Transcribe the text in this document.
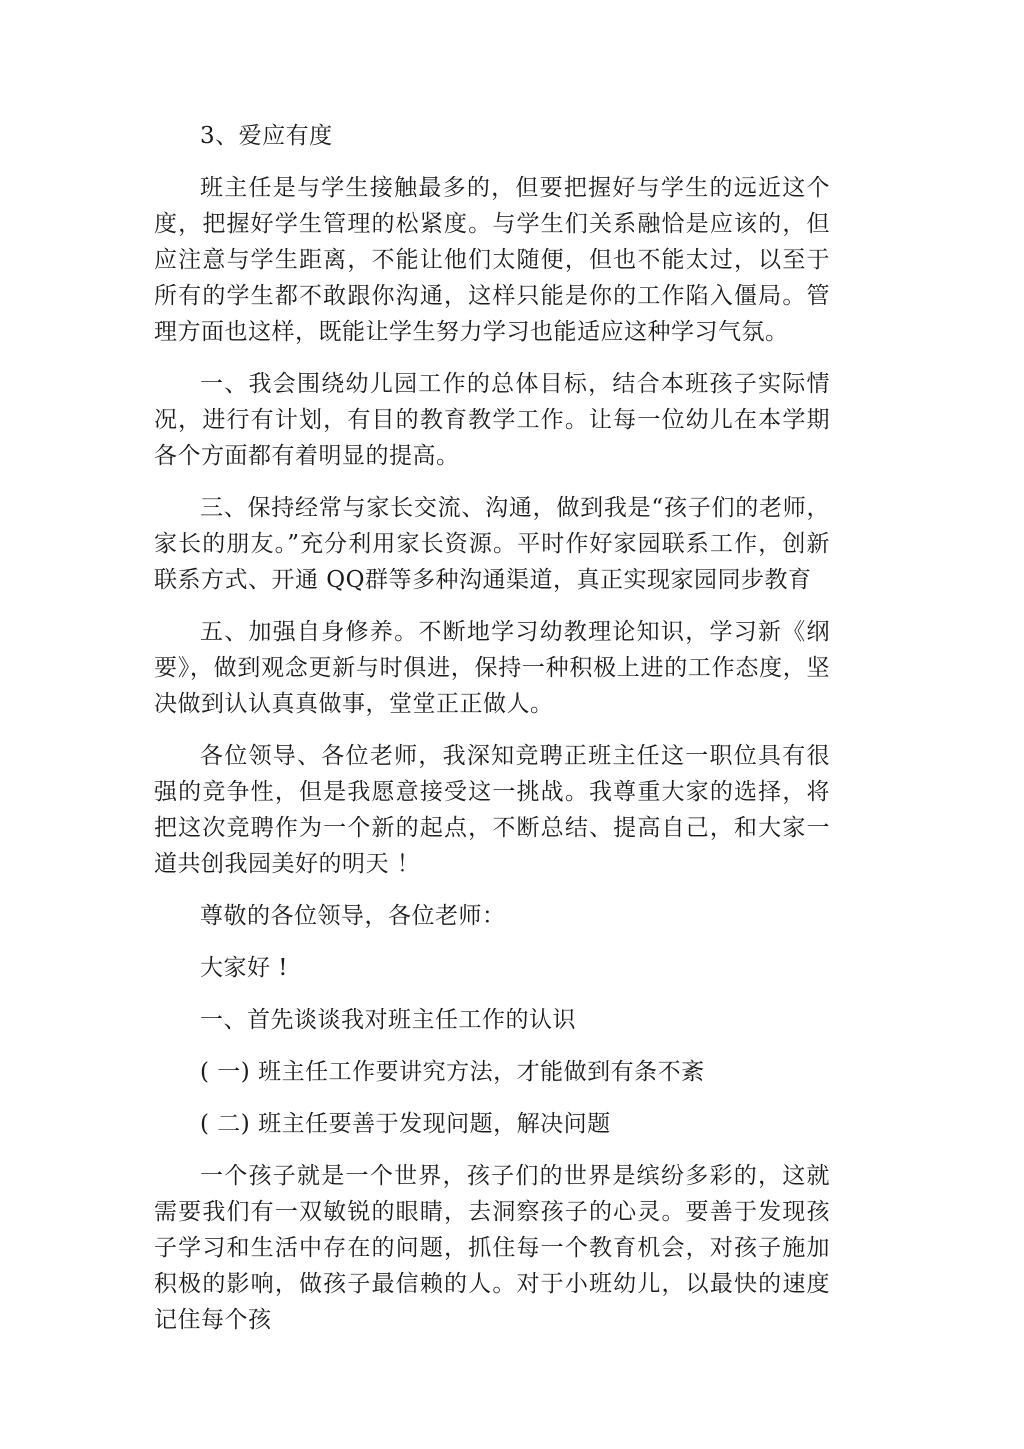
3、爱应有度

班主任是与学生接触最多的，但要把握好与学生的远近这个度，把握好学生管理的松紧度。与学生们关系融恰是应该的，但应注意与学生距离，不能让他们太随便，但也不能太过，以至于所有的学生都不敢跟你沟通，这样只能是你的工作陷入僵局。管理方面也这样，既能让学生努力学习也能适应这种学习气氛。

一、我会围绕幼儿园工作的总体目标，结合本班孩子实际情况，进行有计划，有目的教育教学工作。让每一位幼儿在本学期各个方面都有着明显的提高。

三、保持经常与家长交流、沟通，做到我是“孩子们的老师，家长的朋友。”充分利用家长资源。平时作好家园联系工作，创新联系方式、开通 QQ群等多种沟通渠道，真正实现家园同步教育

五、加强自身修养。不断地学习幼教理论知识，学习新《纲要》，做到观念更新与时俱进，保持一种积极上进的工作态度，坚决做到认认真真做事，堂堂正正做人。

各位领导、各位老师，我深知竞聘正班主任这一职位具有很强的竞争性，但是我愿意接受这一挑战。我尊重大家的选择，将把这次竞聘作为一个新的起点，不断总结、提高自己，和大家一道共创我园美好的明天 ！

尊敬的各位领导，各位老师：

大家好 !

一、首先谈谈我对班主任工作的认识

( 一) 班主任工作要讲究方法，才能做到有条不紊

( 二) 班主任要善于发现问题，解决问题

一个孩子就是一个世界，孩子们的世界是缤纷多彩的，这就需要我们有一双敏锐的眼睛，去洞察孩子的心灵。要善于发现孩子学习和生活中存在的问题，抓住每一个教育机会，对孩子施加积极的影响，做孩子最信赖的人。对于小班幼儿，以最快的速度记住每个孩
